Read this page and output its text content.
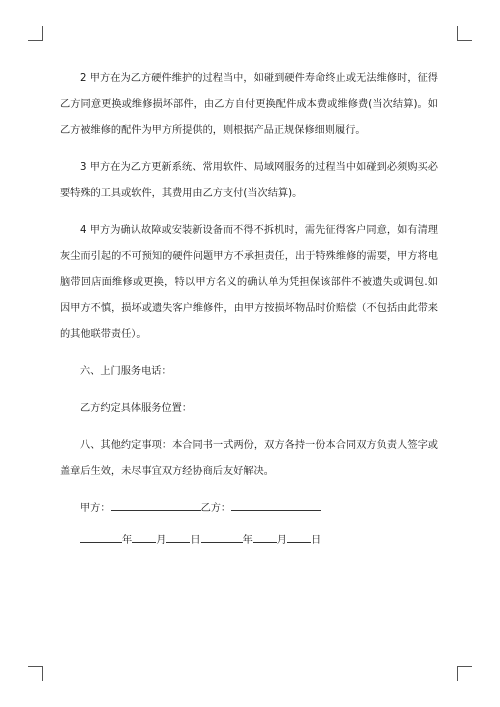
2 甲方在为乙方硬件维护的过程当中，如碰到硬件寿命终止或无法维修时，征得乙方同意更换或维修损坏部件，由乙方自付更换配件成本费或维修费(当次结算)。如乙方被维修的配件为甲方所提供的，则根据产品正规保修细则履行。

3 甲方在为乙方更新系统、常用软件、局域网服务的过程当中如碰到必须购买必要特殊的工具或软件，其费用由乙方支付(当次结算)。

4 甲方为确认故障或安装新设备而不得不拆机时，需先征得客户同意，如有清理灰尘而引起的不可预知的硬件问题甲方不承担责任，出于特殊维修的需要，甲方将电脑带回店面维修或更换，特以甲方名义的确认单为凭担保该部件不被遗失或调包.如因甲方不慎，损坏或遗失客户维修件，由甲方按损坏物品时价赔偿（不包括由此带来的其他联带责任）。

六、上门服务电话：

乙方约定具体服务位置：

八、其他约定事项：本合同书一式两份，双方各持一份本合同双方负责人签字或盖章后生效，未尽事宜双方经协商后友好解决。

甲方：	乙方：

年 月 日	年 月 日
